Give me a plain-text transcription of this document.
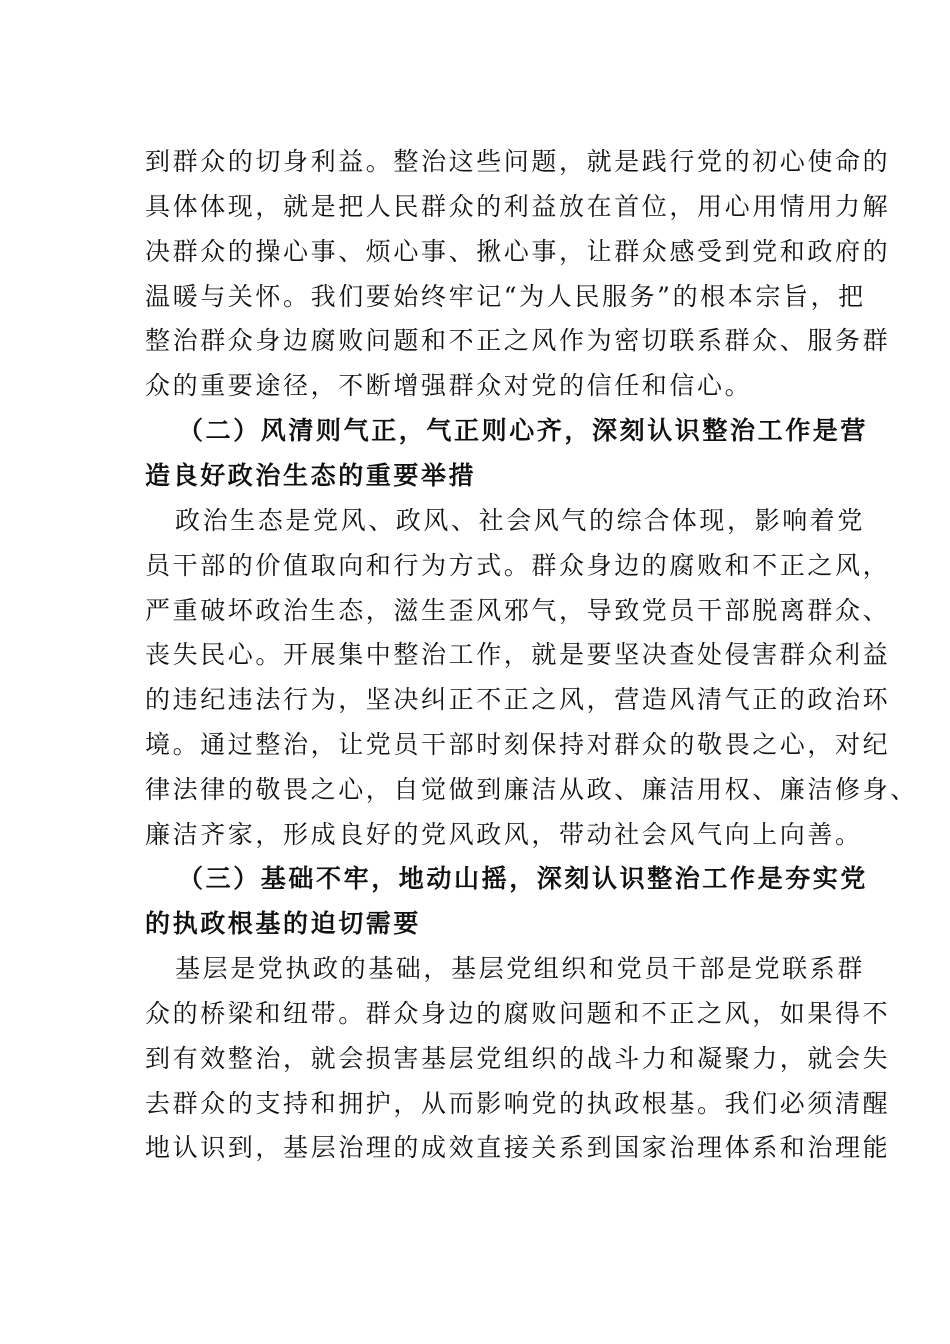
到群众的切身利益。整治这些问题，就是践行党的初心使命的
具体体现，就是把人民群众的利益放在首位，用心用情用力解
决群众的操心事、烦心事、揪心事，让群众感受到党和政府的
温暖与关怀。我们要始终牢记“为人民服务”的根本宗旨，把
整治群众身边腐败问题和不正之风作为密切联系群众、服务群
众的重要途径，不断增强群众对党的信任和信心。
（二）风清则气正，气正则心齐，深刻认识整治工作是营
造良好政治生态的重要举措
政治生态是党风、政风、社会风气的综合体现，影响着党
员干部的价值取向和行为方式。群众身边的腐败和不正之风，
严重破坏政治生态，滋生歪风邪气，导致党员干部脱离群众、
丧失民心。开展集中整治工作，就是要坚决查处侵害群众利益
的违纪违法行为，坚决纠正不正之风，营造风清气正的政治环
境。通过整治，让党员干部时刻保持对群众的敬畏之心，对纪
律法律的敬畏之心，自觉做到廉洁从政、廉洁用权、廉洁修身、
廉洁齐家，形成良好的党风政风，带动社会风气向上向善。
（三）基础不牢，地动山摇，深刻认识整治工作是夯实党
的执政根基的迫切需要
基层是党执政的基础，基层党组织和党员干部是党联系群
众的桥梁和纽带。群众身边的腐败问题和不正之风，如果得不
到有效整治，就会损害基层党组织的战斗力和凝聚力，就会失
去群众的支持和拥护，从而影响党的执政根基。我们必须清醒
地认识到，基层治理的成效直接关系到国家治理体系和治理能
